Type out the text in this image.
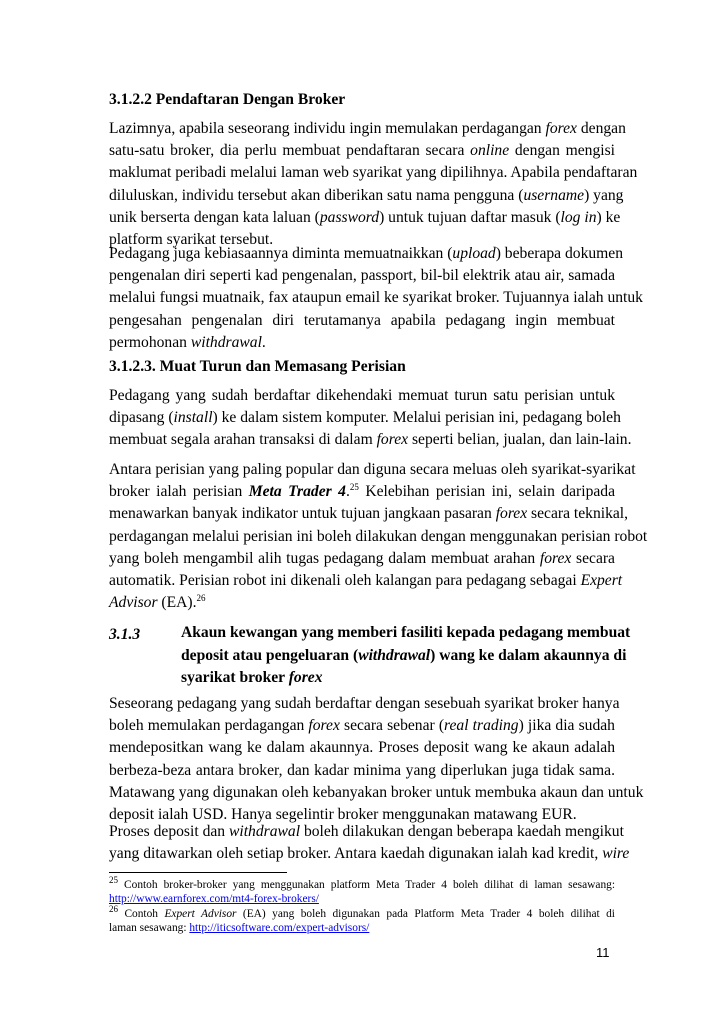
3.1.2.2 Pendaftaran Dengan Broker
Lazimnya, apabila seseorang individu ingin memulakan perdagangan forex dengan
satu-satu broker, dia perlu membuat pendaftaran secara online dengan mengisi
maklumat peribadi melalui laman web syarikat yang dipilihnya. Apabila pendaftaran
diluluskan, individu tersebut akan diberikan satu nama pengguna (username) yang
unik berserta dengan kata laluan (password) untuk tujuan daftar masuk (log in) ke
platform syarikat tersebut.
Pedagang juga kebiasaannya diminta memuatnaikkan (upload) beberapa dokumen
pengenalan diri seperti kad pengenalan, passport, bil-bil elektrik atau air, samada
melalui fungsi muatnaik, fax ataupun email ke syarikat broker. Tujuannya ialah untuk
pengesahan pengenalan diri terutamanya apabila pedagang ingin membuat
permohonan withdrawal.
3.1.2.3. Muat Turun dan Memasang Perisian
Pedagang yang sudah berdaftar dikehendaki memuat turun satu perisian untuk
dipasang (install) ke dalam sistem komputer. Melalui perisian ini, pedagang boleh
membuat segala arahan transaksi di dalam forex seperti belian, jualan, dan lain-lain.
Antara perisian yang paling popular dan diguna secara meluas oleh syarikat-syarikat
broker ialah perisian Meta Trader 4.25 Kelebihan perisian ini, selain daripada
menawarkan banyak indikator untuk tujuan jangkaan pasaran forex secara teknikal,
perdagangan melalui perisian ini boleh dilakukan dengan menggunakan perisian robot
yang boleh mengambil alih tugas pedagang dalam membuat arahan forex secara
automatik. Perisian robot ini dikenali oleh kalangan para pedagang sebagai Expert
Advisor (EA).$^{26}$
3.1.3	Akaun kewangan yang memberi fasiliti kepada pedagang membuat
deposit atau pengeluaran (withdrawal) wang ke dalam akaunnya di
syarikat broker forex
Seseorang pedagang yang sudah berdaftar dengan sesebuah syarikat broker hanya
boleh memulakan perdagangan forex secara sebenar (real trading) jika dia sudah
mendepositkan wang ke dalam akaunnya. Proses deposit wang ke akaun adalah
berbeza-beza antara broker, dan kadar minima yang diperlukan juga tidak sama.
Matawang yang digunakan oleh kebanyakan broker untuk membuka akaun dan untuk
deposit ialah USD. Hanya segelintir broker menggunakan matawang EUR.
Proses deposit dan withdrawal boleh dilakukan dengan beberapa kaedah mengikut
yang ditawarkan oleh setiap broker. Antara kaedah digunakan ialah kad kredit, wire
$^{25}$ Contoh broker-broker yang menggunakan platform Meta Trader 4 boleh dilihat di laman sesawang:
http://www.earnforex.com/mt4-forex-brokers/
$^{26}$ Contoh Expert Advisor (EA) yang boleh digunakan pada Platform Meta Trader 4 boleh dilihat di
laman sesawang: http://iticsoftware.com/expert-advisors/
11
